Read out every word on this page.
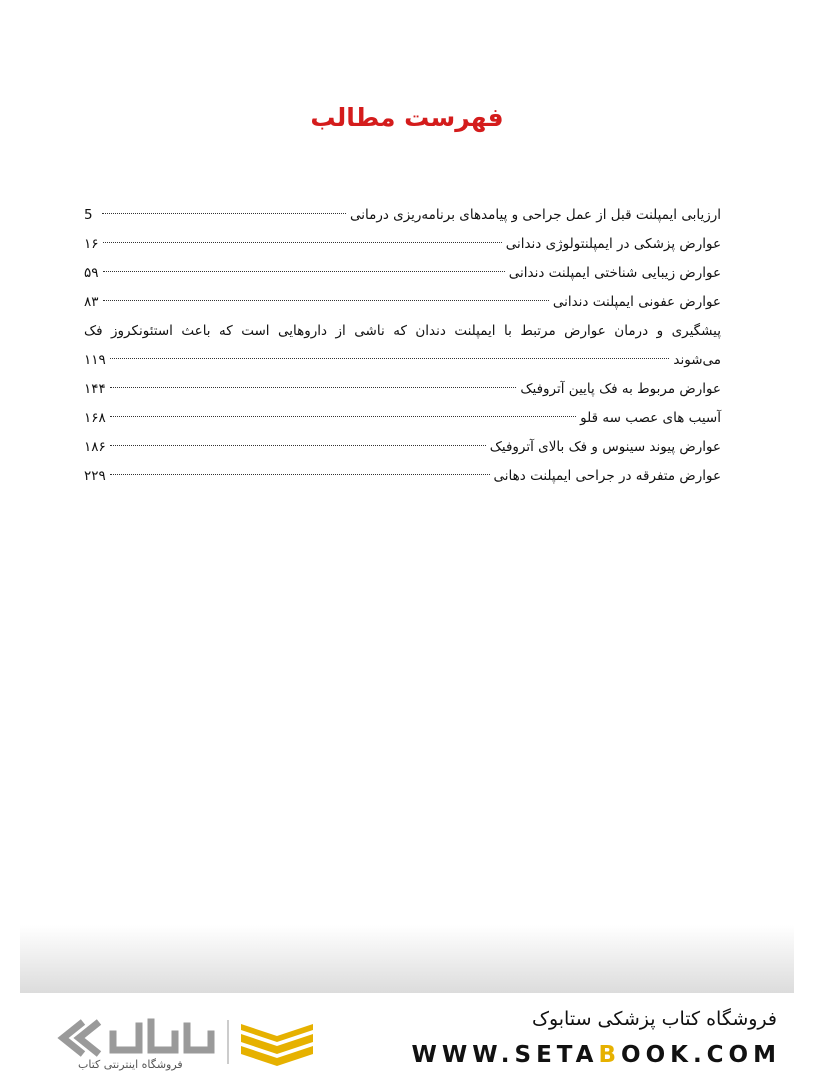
فهرست مطالب
ارزیابی ایمپلنت قبل از عمل جراحی و پیامدهای برنامه‌ریزی درمانی
5
عوارض پزشکی در ایمپلنتولوژی دندانی
۱۶
عوارض زیبایی شناختی ایمپلنت دندانی
۵۹
عوارض عفونی ایمپلنت دندانی
۸۳
پیشگیری و درمان عوارض مرتبط با ایمپلنت دندان که ناشی از داروهایی است که باعث استئونکروز فک
می‌شوند
۱۱۹
عوارض مربوط به فک پایین آتروفیک
۱۴۴
آسیب های عصب سه قلو
۱۶۸
عوارض پیوند سینوس و فک بالای آتروفیک
۱۸۶
عوارض متفرقه در جراحی ایمپلنت دهانی
۲۲۹
فروشگاه اینترنتی کتاب
فروشگاه کتاب پزشکی ستابوک
WWW.SETABOOK.COM
